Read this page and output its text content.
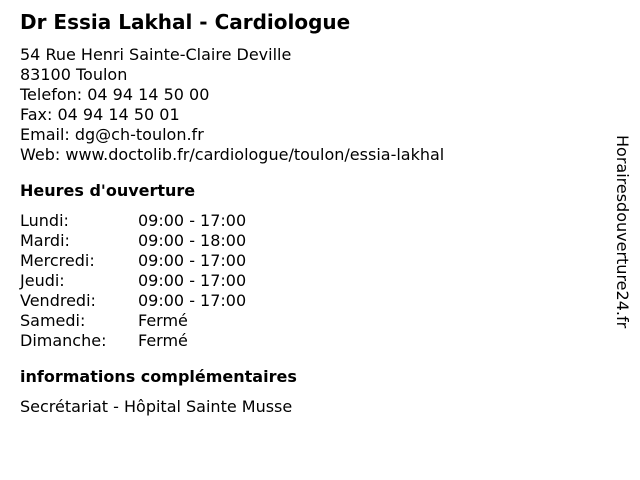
Dr Essia Lakhal - Cardiologue
54 Rue Henri Sainte-Claire Deville
83100 Toulon
Telefon: 04 94 14 50 00
Fax: 04 94 14 50 01
Email: dg@ch-toulon.fr
Web: www.doctolib.fr/cardiologue/toulon/essia-lakhal
Heures d'ouverture
Lundi:	09:00 - 17:00
Mardi:	09:00 - 18:00
Mercredi:	09:00 - 17:00
Jeudi:	09:00 - 17:00
Vendredi:	09:00 - 17:00
Samedi:	Fermé
Dimanche:	Fermé
informations complémentaires
Secrétariat - Hôpital Sainte Musse
Horairesdouverture24.fr
